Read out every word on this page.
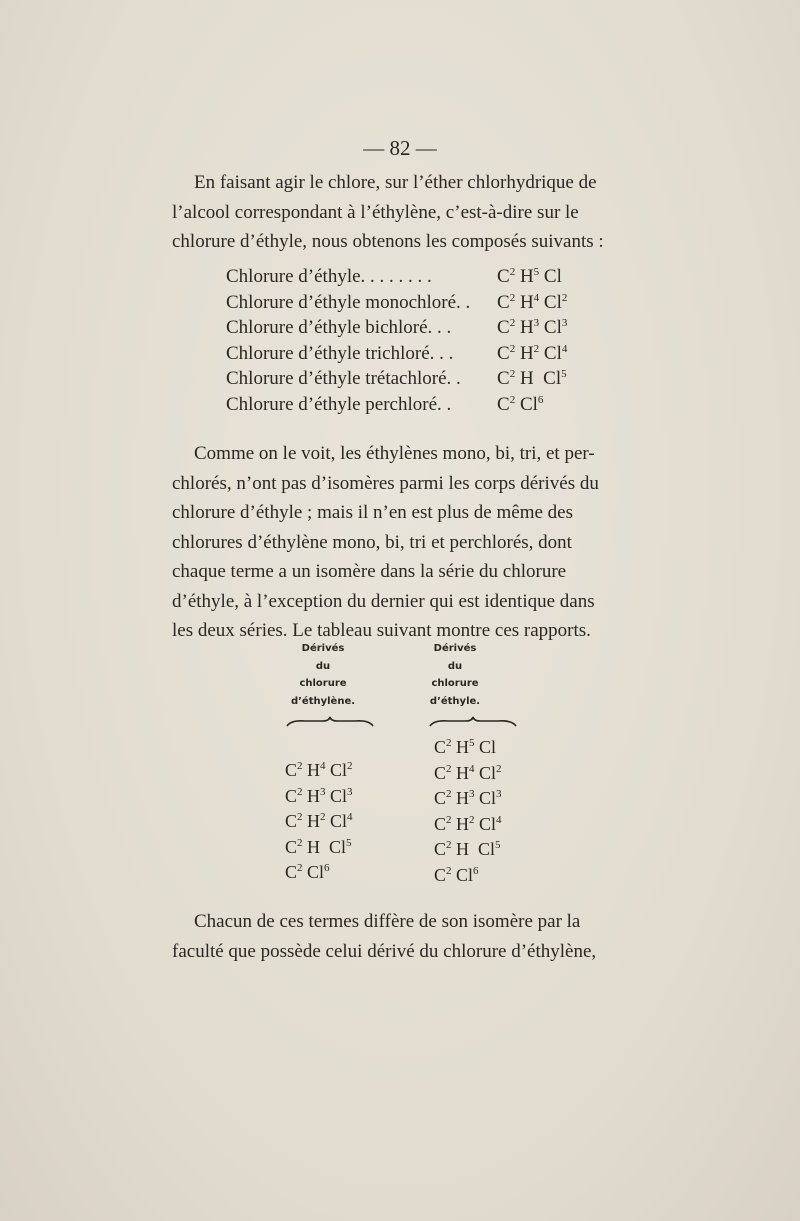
— 82 —
En faisant agir le chlore, sur l’éther chlorhydrique de
l’alcool correspondant à l’éthylène, c’est-à-dire sur le
chlorure d’éthyle, nous obtenons les composés suivants :
Chlorure d’éthyle. . . . . . . .	$C^2$ $H^5$ Cl
Chlorure d’éthyle monochloré. . $C^2$ $H^4$ Cl$^2$
Chlorure d’éthyle bichloré. . . $C^2$ $H^3$ Cl$^3$
Chlorure d’éthyle trichloré. . . $C^2$ $H^2$ Cl$^4$
Chlorure d’éthyle trétachloré. . $C^2$ H  Cl$^5$
Chlorure d’éthyle perchloré. . $C^2$ Cl$^6$
Comme on le voit, les éthylènes mono, bi, tri, et per-
chlorés, n’ont pas d’isomères parmi les corps dérivés du
chlorure d’éthyle ; mais il n’en est plus de même des
chlorures d’éthylène mono, bi, tri et perchlorés, dont
chaque terme a un isomère dans la série du chlorure
d’éthyle, à l’exception du dernier qui est identique dans
les deux séries. Le tableau suivant montre ces rapports.
Dérivés
du
chlorure
d’éthylène.
Dérivés
du
chlorure
d’éthyle.
$C^2$ $H^4$ Cl$^2$
$C^2$ $H^3$ Cl$^3$
$C^2$ $H^2$ Cl$^4$
$C^2$ H  Cl$^5$
$C^2$ Cl$^6$
$C^2$ $H^5$ Cl
$C^2$ $H^4$ Cl$^2$
$C^2$ $H^3$ Cl$^3$
$C^2$ $H^2$ Cl$^4$
$C^2$ H  Cl$^5$
$C^2$ Cl$^6$
Chacun de ces termes diffère de son isomère par la
faculté que possède celui dérivé du chlorure d’éthylène,
